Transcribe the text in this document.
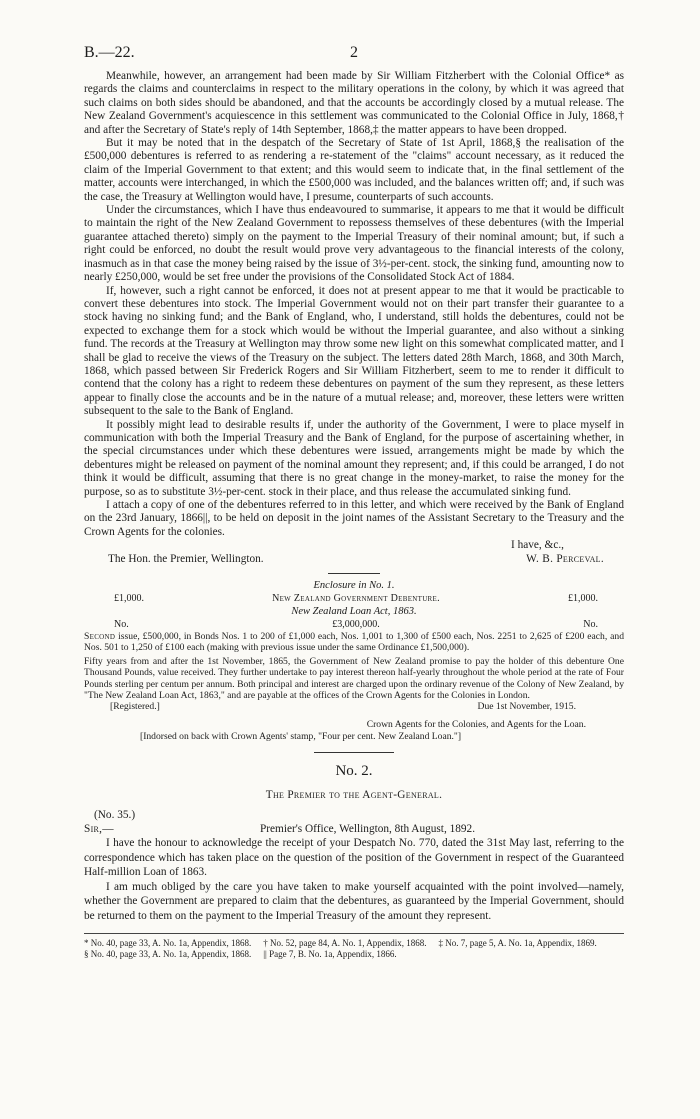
B.—22.	2

Meanwhile, however, an arrangement had been made by Sir William Fitzherbert with the Colonial Office* as regards the claims and counterclaims in respect to the military operations in the colony, by which it was agreed that such claims on both sides should be abandoned, and that the accounts be accordingly closed by a mutual release. The New Zealand Government's acquiescence in this settlement was communicated to the Colonial Office in July, 1868,† and after the Secretary of State's reply of 14th September, 1868,‡ the matter appears to have been dropped.

But it may be noted that in the despatch of the Secretary of State of 1st April, 1868,§ the realisation of the £500,000 debentures is referred to as rendering a re-statement of the "claims" account necessary, as it reduced the claim of the Imperial Government to that extent; and this would seem to indicate that, in the final settlement of the matter, accounts were interchanged, in which the £500,000 was included, and the balances written off; and, if such was the case, the Treasury at Wellington would have, I presume, counterparts of such accounts.

Under the circumstances, which I have thus endeavoured to summarise, it appears to me that it would be difficult to maintain the right of the New Zealand Government to repossess themselves of these debentures (with the Imperial guarantee attached thereto) simply on the payment to the Imperial Treasury of their nominal amount; but, if such a right could be enforced, no doubt the result would prove very advantageous to the financial interests of the colony, inasmuch as in that case the money being raised by the issue of 3½-per-cent. stock, the sinking fund, amounting now to nearly £250,000, would be set free under the provisions of the Consolidated Stock Act of 1884.

If, however, such a right cannot be enforced, it does not at present appear to me that it would be practicable to convert these debentures into stock. The Imperial Government would not on their part transfer their guarantee to a stock having no sinking fund; and the Bank of England, who, I understand, still holds the debentures, could not be expected to exchange them for a stock which would be without the Imperial guarantee, and also without a sinking fund. The records at the Treasury at Wellington may throw some new light on this somewhat complicated matter, and I shall be glad to receive the views of the Treasury on the subject. The letters dated 28th March, 1868, and 30th March, 1868, which passed between Sir Frederick Rogers and Sir William Fitzherbert, seem to me to render it difficult to contend that the colony has a right to redeem these debentures on payment of the sum they represent, as these letters appear to finally close the accounts and be in the nature of a mutual release; and, moreover, these letters were written subsequent to the sale to the Bank of England.

It possibly might lead to desirable results if, under the authority of the Government, I were to place myself in communication with both the Imperial Treasury and the Bank of England, for the purpose of ascertaining whether, in the special circumstances under which these debentures were issued, arrangements might be made by which the debentures might be released on payment of the nominal amount they represent; and, if this could be arranged, I do not think it would be difficult, assuming that there is no great change in the money-market, to raise the money for the purpose, so as to substitute 3½-per-cent. stock in their place, and thus release the accumulated sinking fund.

I attach a copy of one of the debentures referred to in this letter, and which were received by the Bank of England on the 23rd January, 1866||, to be held on deposit in the joint names of the Assistant Secretary to the Treasury and the Crown Agents for the colonies.

I have, &c.,
The Hon. the Premier, Wellington.	W. B. Perceval.
Enclosure in No. 1.
£1,000.	New Zealand Government Debenture.	£1,000.
New Zealand Loan Act, 1863.
No.	£3,000,000.	No.

Second issue, £500,000, in Bonds Nos. 1 to 200 of £1,000 each, Nos. 1,001 to 1,300 of £500 each, Nos. 2251 to 2,625 of £200 each, and Nos. 501 to 1,250 of £100 each (making with previous issue under the same Ordinance £1,500,000).

Fifty years from and after the 1st November, 1865, the Government of New Zealand promise to pay the holder of this debenture One Thousand Pounds, value received. They further undertake to pay interest thereon half-yearly throughout the whole period at the rate of Four Pounds sterling per centum per annum. Both principal and interest are charged upon the ordinary revenue of the Colony of New Zealand, by "The New Zealand Loan Act, 1863," and are payable at the offices of the Crown Agents for the Colonies in London.

[Registered.]	Due 1st November, 1915.
Crown Agents for the Colonies, and Agents for the Loan.
[Indorsed on back with Crown Agents' stamp, "Four per cent. New Zealand Loan."]
No. 2.
The Premier to the Agent-General.
(No. 35.)
Sir,—	Premier's Office, Wellington, 8th August, 1892.

I have the honour to acknowledge the receipt of your Despatch No. 770, dated the 31st May last, referring to the correspondence which has taken place on the question of the position of the Government in respect of the Guaranteed Half-million Loan of 1863.

I am much obliged by the care you have taken to make yourself acquainted with the point involved—namely, whether the Government are prepared to claim that the debentures, as guaranteed by the Imperial Government, should be returned to them on the payment to the Imperial Treasury of the amount they represent.

* No. 40, page 33, A. No. 1a, Appendix, 1868. † No. 52, page 84, A. No. 1, Appendix, 1868. ‡ No. 7, page 5, A. No. 1a, Appendix, 1869.
§ No. 40, page 33, A. No. 1a, Appendix, 1868. || Page 7, B. No. 1a, Appendix, 1866.
